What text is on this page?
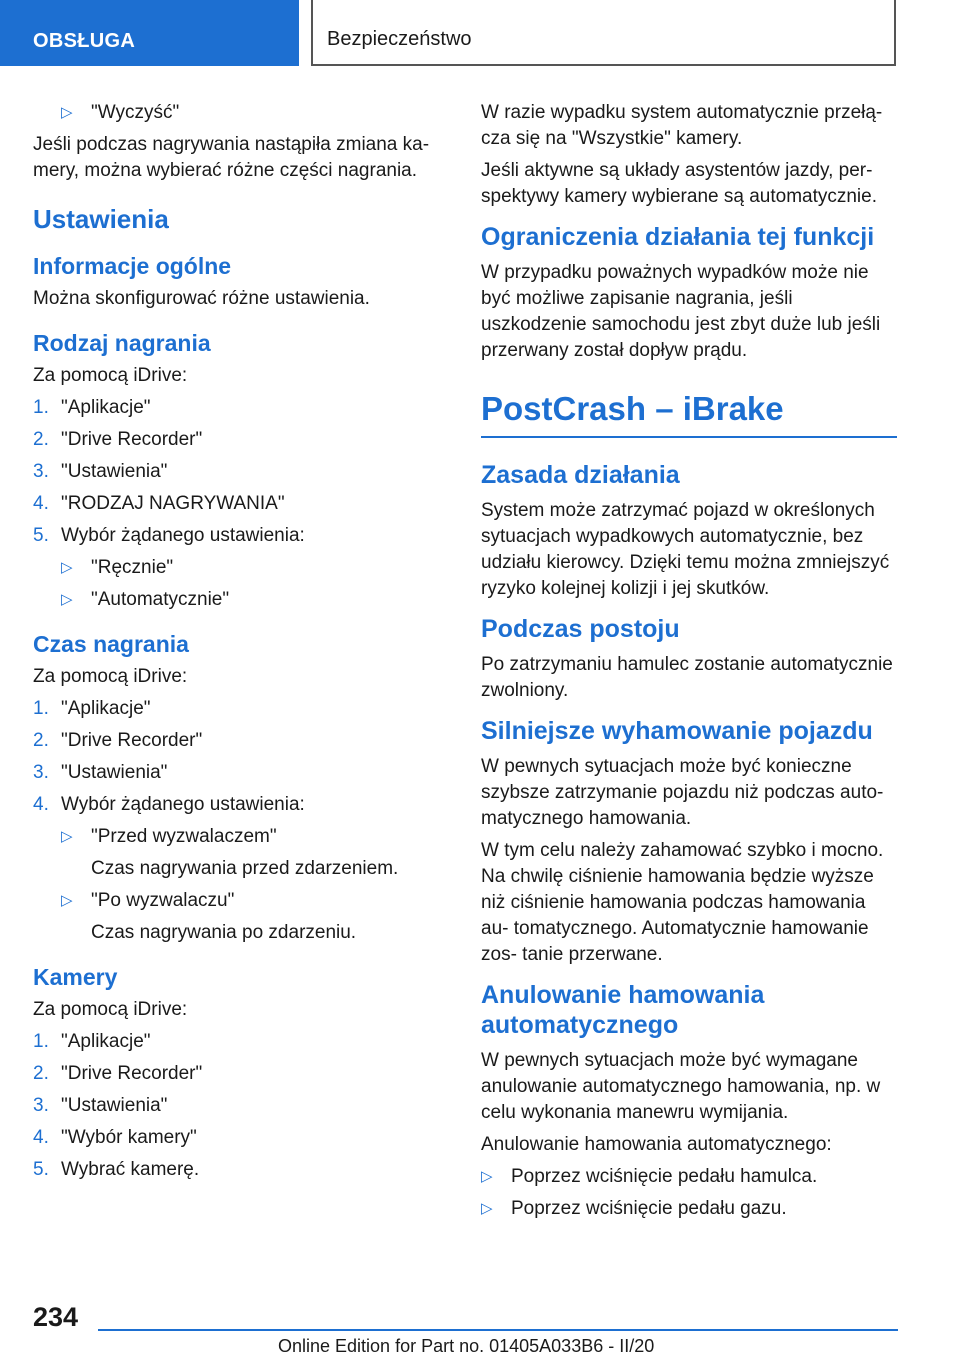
OBSŁUGA	Bezpieczeństwo
▷ "Wyczyść"

Jeśli podczas nagrywania nastąpiła zmiana ka- mery, można wybierać różne części nagrania.

Ustawienia
Informacje ogólne

Można skonfigurować różne ustawienia.

Rodzaj nagrania

Za pomocą iDrive:

1. "Aplikacje"
2. "Drive Recorder"
3. "Ustawienia"
4. "RODZAJ NAGRYWANIA"
5. Wybór żądanego ustawienia:
▷ "Ręcznie"
▷ "Automatycznie"
Czas nagrania

Za pomocą iDrive:

1. "Aplikacje"
2. "Drive Recorder"
3. "Ustawienia"
4. Wybór żądanego ustawienia:
▷ "Przed wyzwalaczem"
Czas nagrywania przed zdarzeniem.
▷ "Po wyzwalaczu"
Czas nagrywania po zdarzeniu.
Kamery

Za pomocą iDrive:

1. "Aplikacje"
2. "Drive Recorder"
3. "Ustawienia"
4. "Wybór kamery"
5. Wybrać kamerę.

W razie wypadku system automatycznie przełą- cza się na "Wszystkie" kamery.

Jeśli aktywne są układy asystentów jazdy, per- spektywy kamery wybierane są automatycznie.

Ograniczenia działania tej funkcji

W przypadku poważnych wypadków może nie być możliwe zapisanie nagrania, jeśli uszkodzenie samochodu jest zbyt duże lub jeśli przerwany został dopływ prądu.

PostCrash – iBrake
Zasada działania

System może zatrzymać pojazd w określonych sytuacjach wypadkowych automatycznie, bez udziału kierowcy. Dzięki temu można zmniejszyć ryzyko kolejnej kolizji i jej skutków.

Podczas postoju

Po zatrzymaniu hamulec zostanie automatycznie zwolniony.

Silniejsze wyhamowanie pojazdu

W pewnych sytuacjach może być konieczne szybsze zatrzymanie pojazdu niż podczas auto- matycznego hamowania.

W tym celu należy zahamować szybko i mocno. Na chwilę ciśnienie hamowania będzie wyższe niż ciśnienie hamowania podczas hamowania au- tomatycznego. Automatycznie hamowanie zos- tanie przerwane.

Anulowanie hamowania automatycznego

W pewnych sytuacjach może być wymagane anulowanie automatycznego hamowania, np. w celu wykonania manewru wymijania.

Anulowanie hamowania automatycznego:

▷ Poprzez wciśnięcie pedału hamulca.
▷ Poprzez wciśnięcie pedału gazu.
234
Online Edition for Part no. 01405A033B6 - II/20
